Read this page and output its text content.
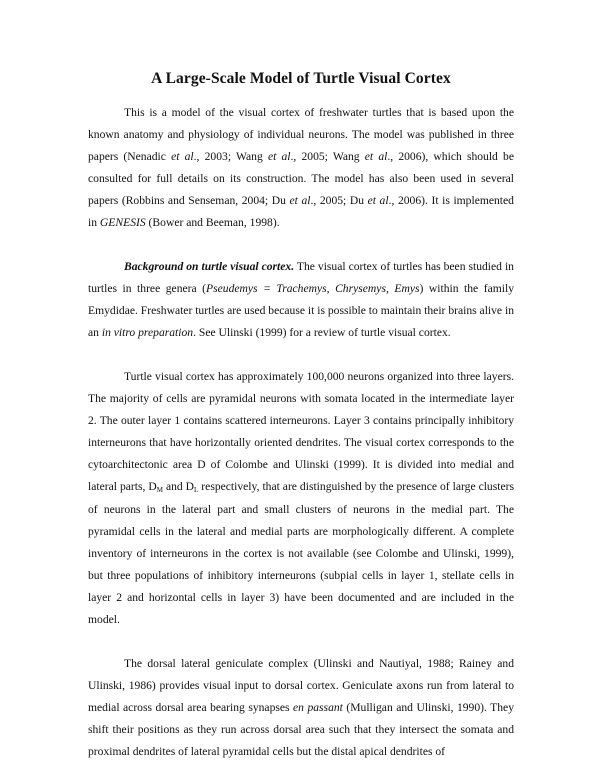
A Large-Scale Model of Turtle Visual Cortex

This is a model of the visual cortex of freshwater turtles that is based upon the known anatomy and physiology of individual neurons. The model was published in three papers (Nenadic et al., 2003; Wang et al., 2005; Wang et al., 2006), which should be consulted for full details on its construction. The model has also been used in several papers (Robbins and Senseman, 2004; Du et al., 2005; Du et al., 2006). It is implemented in GENESIS (Bower and Beeman, 1998).

Background on turtle visual cortex. The visual cortex of turtles has been studied in turtles in three genera (Pseudemys = Trachemys, Chrysemys, Emys) within the family Emydidae. Freshwater turtles are used because it is possible to maintain their brains alive in an in vitro preparation. See Ulinski (1999) for a review of turtle visual cortex.

Turtle visual cortex has approximately 100,000 neurons organized into three layers. The majority of cells are pyramidal neurons with somata located in the intermediate layer 2. The outer layer 1 contains scattered interneurons. Layer 3 contains principally inhibitory interneurons that have horizontally oriented dendrites. The visual cortex corresponds to the cytoarchitectonic area D of Colombe and Ulinski (1999). It is divided into medial and lateral parts, $D_M$ and $D_L$ respectively, that are distinguished by the presence of large clusters of neurons in the lateral part and small clusters of neurons in the medial part. The pyramidal cells in the lateral and medial parts are morphologically different. A complete inventory of interneurons in the cortex is not available (see Colombe and Ulinski, 1999), but three populations of inhibitory interneurons (subpial cells in layer 1, stellate cells in layer 2 and horizontal cells in layer 3) have been documented and are included in the model.

The dorsal lateral geniculate complex (Ulinski and Nautiyal, 1988; Rainey and Ulinski, 1986) provides visual input to dorsal cortex. Geniculate axons run from lateral to medial across dorsal area bearing synapses en passant (Mulligan and Ulinski, 1990). They shift their positions as they run across dorsal area such that they intersect the somata and proximal dendrites of lateral pyramidal cells but the distal apical dendrites of
